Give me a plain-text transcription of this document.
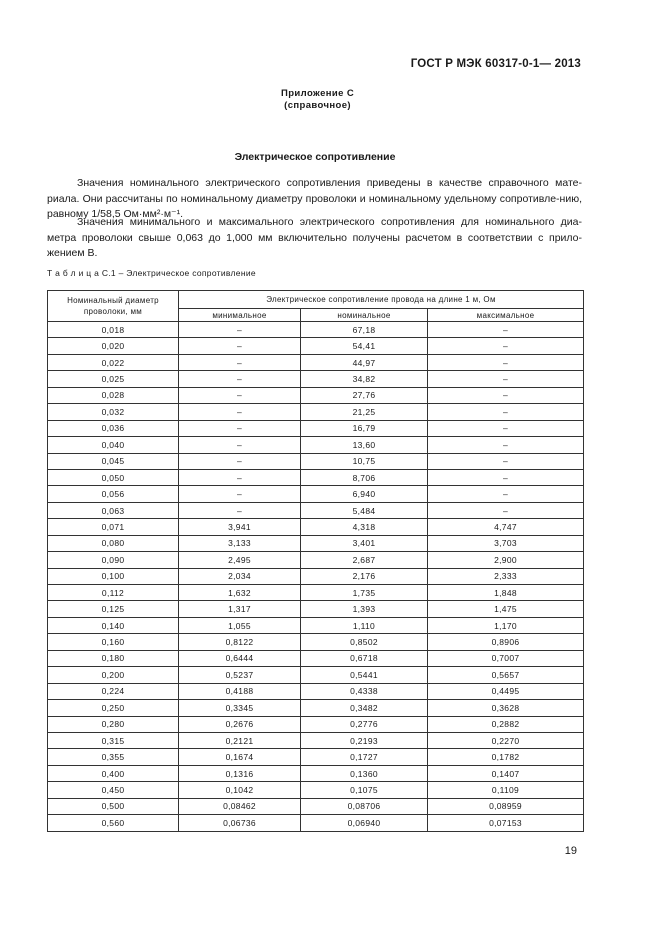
ГОСТ Р МЭК 60317-0-1— 2013
Приложение С
(справочное)
Электрическое сопротивление
Значения номинального электрического сопротивления приведены в качестве справочного мате-риала. Они рассчитаны по номинальному диаметру проволоки и номинальному удельному сопротивле-нию, равному 1/58,5 Ом·мм²·м⁻¹.
Значения минимального и максимального электрического сопротивления для номинального диа-метра проволоки свыше 0,063 до 1,000 мм включительно получены расчетом в соответствии с прило-жением В.
Т а б л и ц а С.1 – Электрическое сопротивление
Номинальный диаметр проволоки, мм	Электрическое сопротивление провода на длине 1 м, Ом		
	минимальное	номинальное	максимальное
0,018	–	67,18	–
0,020	–	54,41	–
0,022	–	44,97	–
0,025	–	34,82	–
0,028	–	27,76	–
0,032	–	21,25	–
0,036	–	16,79	–
0,040	–	13,60	–
0,045	–	10,75	–
0,050	–	8,706	–
0,056	–	6,940	–
0,063	–	5,484	–
0,071	3,941	4,318	4,747
0,080	3,133	3,401	3,703
0,090	2,495	2,687	2,900
0,100	2,034	2,176	2,333
0,112	1,632	1,735	1,848
0,125	1,317	1,393	1,475
0,140	1,055	1,110	1,170
0,160	0,8122	0,8502	0,8906
0,180	0,6444	0,6718	0,7007
0,200	0,5237	0,5441	0,5657
0,224	0,4188	0,4338	0,4495
0,250	0,3345	0,3482	0,3628
0,280	0,2676	0,2776	0,2882
0,315	0,2121	0,2193	0,2270
0,355	0,1674	0,1727	0,1782
0,400	0,1316	0,1360	0,1407
0,450	0,1042	0,1075	0,1109
0,500	0,08462	0,08706	0,08959
0,560	0,06736	0,06940	0,07153
19
